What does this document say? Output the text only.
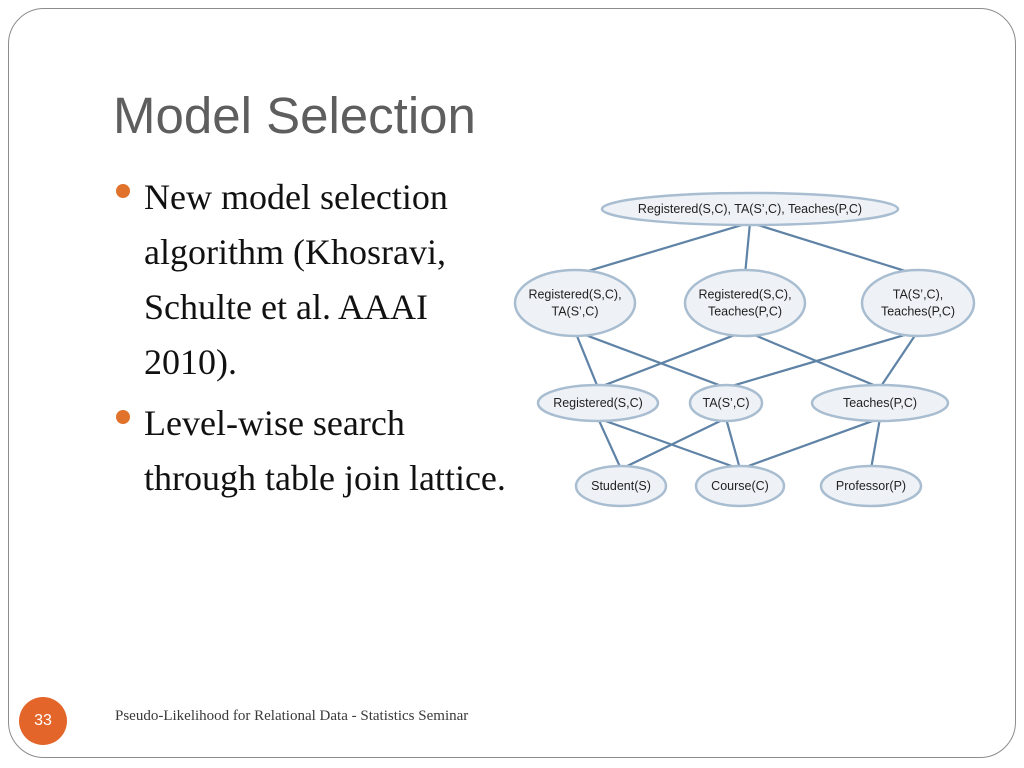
Model Selection
New model selection algorithm (Khosravi, Schulte et al. AAAI 2010).
Level-wise search through table join lattice.
Registered(S,C), TA(S’,C), Teaches(P,C)
Registered(S,C),
TA(S’,C)
Registered(S,C),
Teaches(P,C)
TA(S’,C),
Teaches(P,C)
Registered(S,C)	TA(S’,C)	Teaches(P,C)
Student(S)	Course(C)	Professor(P)
33	Pseudo-Likelihood for Relational Data - Statistics Seminar
